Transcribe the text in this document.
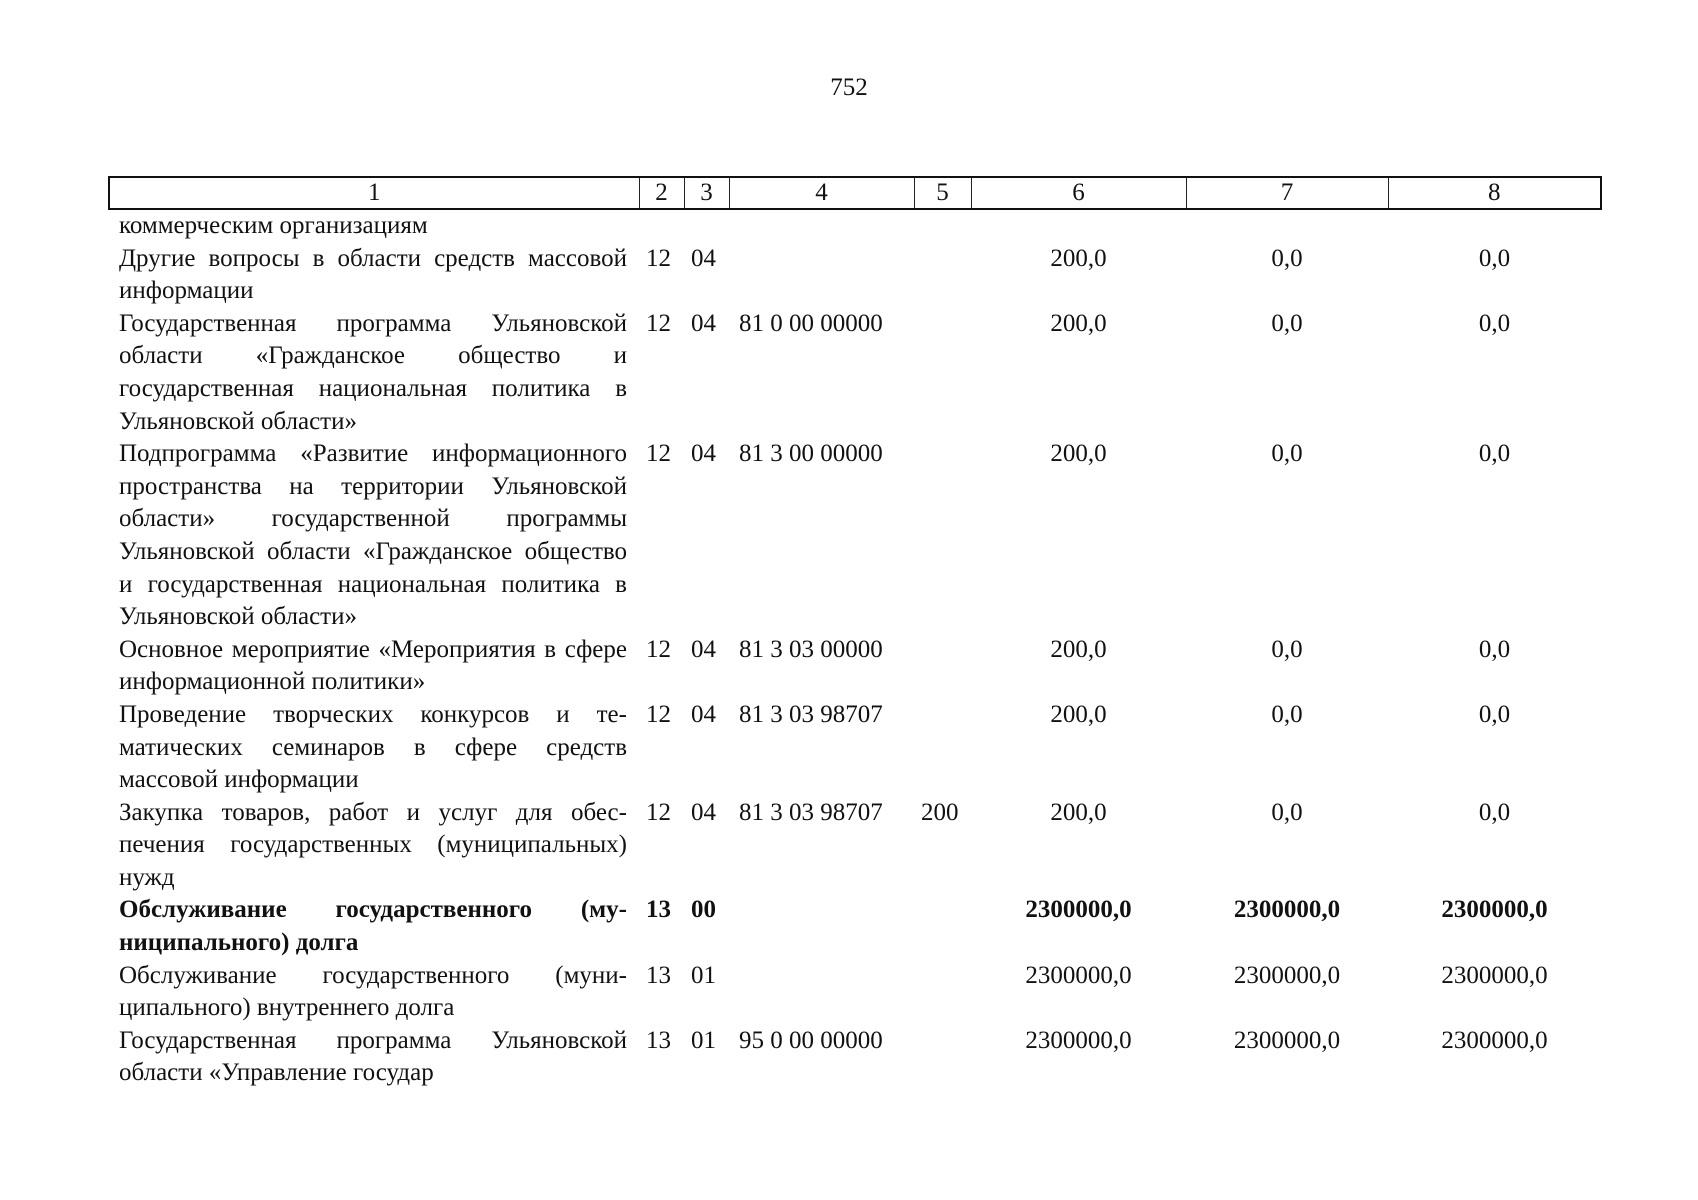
752
1	2	3	4	5	6	7	8
коммерческим организациям							
Другие вопросы в области средств массовой информации	12	04			200,0	0,0	0,0
Государственная программа Ульяновской области «Гражданское общество и государственная национальная политика в Ульяновской области»	12	04	81 0 00 00000		200,0	0,0	0,0
Подпрограмма «Развитие информационного пространства на территории Ульяновской области» государственной программы Ульяновской области «Гражданское общество и государственная национальная политика в Ульяновской области»	12	04	81 3 00 00000		200,0	0,0	0,0
Основное мероприятие «Мероприятия в сфере информационной политики»	12	04	81 3 03 00000		200,0	0,0	0,0
Проведение творческих конкурсов и тематических семинаров в сфере средств массовой информации	12	04	81 3 03 98707		200,0	0,0	0,0
Закупка товаров, работ и услуг для обеспечения государственных (муниципальных) нужд	12	04	81 3 03 98707	200	200,0	0,0	0,0
Обслуживание государственного (муниципального) долга	13	00			2300000,0	2300000,0	2300000,0
Обслуживание государственного (муниципального) внутреннего долга	13	01			2300000,0	2300000,0	2300000,0
Государственная программа Ульяновской области «Управление государ	13	01	95 0 00 00000		2300000,0	2300000,0	2300000,0
